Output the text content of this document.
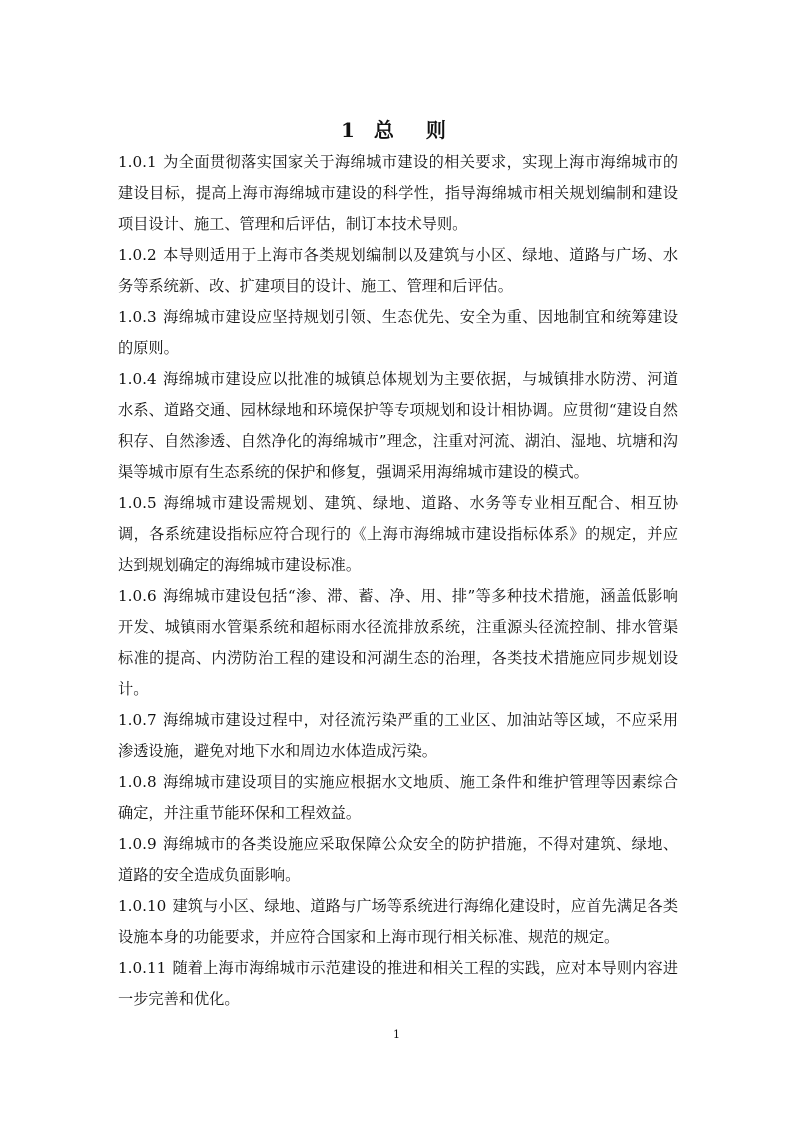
1 总　则

1.0.1 为全面贯彻落实国家关于海绵城市建设的相关要求，实现上海市海绵城市的建设目标，提高上海市海绵城市建设的科学性，指导海绵城市相关规划编制和建设项目设计、施工、管理和后评估，制订本技术导则。

1.0.2 本导则适用于上海市各类规划编制以及建筑与小区、绿地、道路与广场、水务等系统新、改、扩建项目的设计、施工、管理和后评估。

1.0.3 海绵城市建设应坚持规划引领、生态优先、安全为重、因地制宜和统筹建设的原则。

1.0.4 海绵城市建设应以批准的城镇总体规划为主要依据，与城镇排水防涝、河道水系、道路交通、园林绿地和环境保护等专项规划和设计相协调。应贯彻“建设自然积存、自然渗透、自然净化的海绵城市”理念，注重对河流、湖泊、湿地、坑塘和沟渠等城市原有生态系统的保护和修复，强调采用海绵城市建设的模式。

1.0.5 海绵城市建设需规划、建筑、绿地、道路、水务等专业相互配合、相互协调，各系统建设指标应符合现行的《上海市海绵城市建设指标体系》的规定，并应达到规划确定的海绵城市建设标准。

1.0.6 海绵城市建设包括“渗、滞、蓄、净、用、排”等多种技术措施，涵盖低影响开发、城镇雨水管渠系统和超标雨水径流排放系统，注重源头径流控制、排水管渠标准的提高、内涝防治工程的建设和河湖生态的治理，各类技术措施应同步规划设计。

1.0.7 海绵城市建设过程中，对径流污染严重的工业区、加油站等区域，不应采用渗透设施，避免对地下水和周边水体造成污染。

1.0.8 海绵城市建设项目的实施应根据水文地质、施工条件和维护管理等因素综合确定，并注重节能环保和工程效益。

1.0.9 海绵城市的各类设施应采取保障公众安全的防护措施，不得对建筑、绿地、道路的安全造成负面影响。

1.0.10 建筑与小区、绿地、道路与广场等系统进行海绵化建设时，应首先满足各类设施本身的功能要求，并应符合国家和上海市现行相关标准、规范的规定。

1.0.11 随着上海市海绵城市示范建设的推进和相关工程的实践，应对本导则内容进一步完善和优化。

1
